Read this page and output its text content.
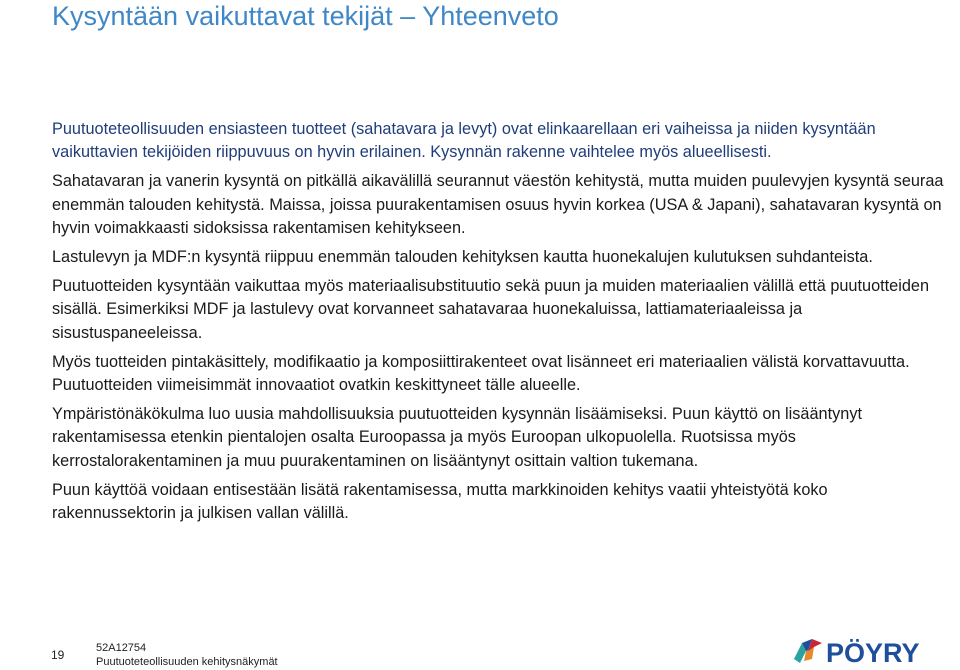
Kysyntään vaikuttavat tekijät – Yhteenveto

Puutuoteteollisuuden ensiasteen tuotteet (sahatavara ja levyt) ovat elinkaarellaan eri vaiheissa ja niiden kysyntään vaikuttavien tekijöiden riippuvuus on hyvin erilainen. Kysynnän rakenne vaihtelee myös alueellisesti.

Sahatavaran ja vanerin kysyntä on pitkällä aikavälillä seurannut väestön kehitystä, mutta muiden puulevyjen kysyntä seuraa enemmän talouden kehitystä. Maissa, joissa puurakentamisen osuus hyvin korkea (USA & Japani), sahatavaran kysyntä on hyvin voimakkaasti sidoksissa rakentamisen kehitykseen.

Lastulevyn ja MDF:n kysyntä riippuu enemmän talouden kehityksen kautta huonekalujen kulutuksen suhdanteista.

Puutuotteiden kysyntään vaikuttaa myös materiaalisubstituutio sekä puun ja muiden materiaalien välillä että puutuotteiden sisällä. Esimerkiksi MDF ja lastulevy ovat korvanneet sahatavaraa huonekaluissa, lattiamateriaaleissa ja sisustuspaneeleissa.

Myös tuotteiden pintakäsittely, modifikaatio ja komposiittirakenteet ovat lisänneet eri materiaalien välistä korvattavuutta. Puutuotteiden viimeisimmät innovaatiot ovatkin keskittyneet tälle alueelle.

Ympäristönäkökulma luo uusia mahdollisuuksia puutuotteiden kysynnän lisäämiseksi. Puun käyttö on lisääntynyt rakentamisessa etenkin pientalojen osalta Euroopassa ja myös Euroopan ulkopuolella. Ruotsissa myös kerrostalorakentaminen ja muu puurakentaminen on lisääntynyt osittain valtion tukemana.

Puun käyttöä voidaan entisestään lisätä rakentamisessa, mutta markkinoiden kehitys vaatii yhteistyötä koko rakennussektorin ja julkisen vallan välillä.

19	52A12754
Puutuoteteollisuuden kehitysnäkymät	PÖYRY
